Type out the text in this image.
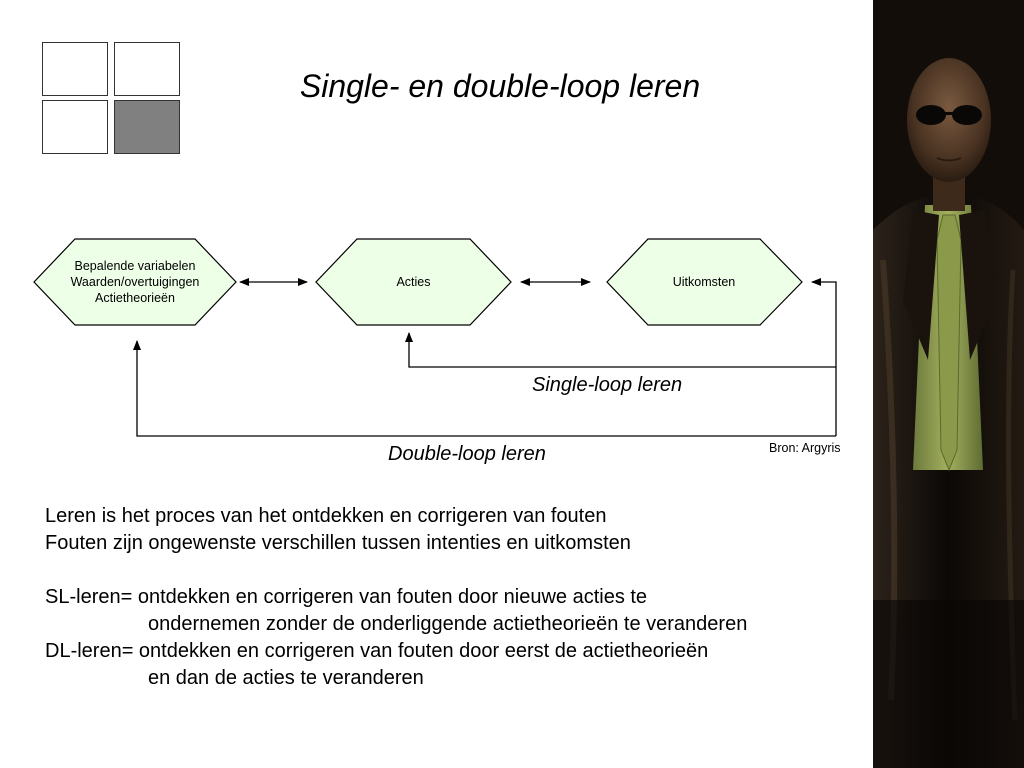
Single- en double-loop leren
Bepalende variabelen
Waarden/overtuigingen
Actietheorieën
Acties	Uitkomsten
Single-loop leren
Double-loop leren	Bron: Argyris

Leren is het proces van het ontdekken en corrigeren van fouten

Fouten zijn ongewenste verschillen tussen intenties en uitkomsten

SL-leren= ontdekken en corrigeren van fouten door nieuwe acties te

ondernemen zonder de onderliggende actietheorieën te veranderen

DL-leren= ontdekken en corrigeren van fouten door eerst de actietheorieën

en dan de acties te veranderen
